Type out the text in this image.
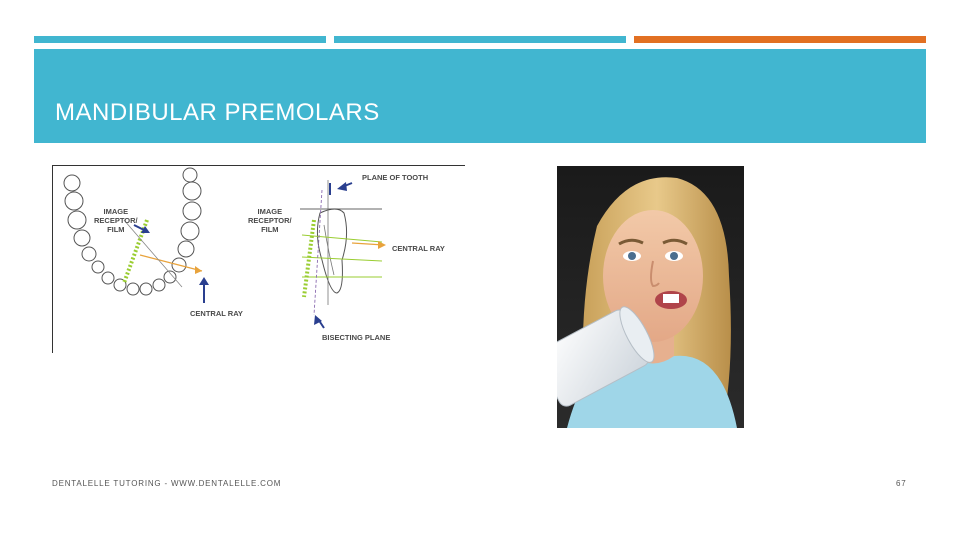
MANDIBULAR PREMOLARS
IMAGE
RECEPTOR/
FILM
CENTRAL RAY
PLANE OF TOOTH
IMAGE
RECEPTOR/
FILM
CENTRAL RAY
BISECTING PLANE
DENTALELLE TUTORING - WWW.DENTALELLE.COM	67
